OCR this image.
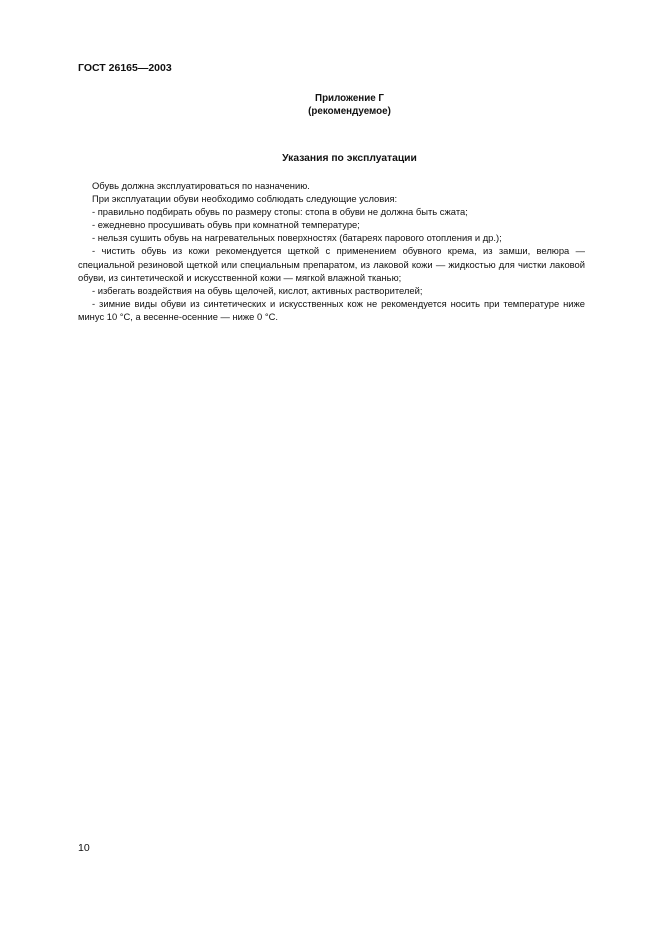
ГОСТ 26165—2003
Приложение Г
(рекомендуемое)
Указания по эксплуатации

Обувь должна эксплуатироваться по назначению.

При эксплуатации обуви необходимо соблюдать следующие условия:

- правильно подбирать обувь по размеру стопы: стопа в обуви не должна быть сжата;

- ежедневно просушивать обувь при комнатной температуре;

- нельзя сушить обувь на нагревательных поверхностях (батареях парового отопления и др.);

- чистить обувь из кожи рекомендуется щеткой с применением обувного крема, из замши, велюра — специальной резиновой щеткой или специальным препаратом, из лаковой кожи — жидкостью для чистки лаковой обуви, из синтетической и искусственной кожи — мягкой влажной тканью;

- избегать воздействия на обувь щелочей, кислот, активных растворителей;

- зимние виды обуви из синтетических и искусственных кож не рекомендуется носить при температуре ниже минус 10 °С, а весенне-осенние — ниже 0 °С.

10
